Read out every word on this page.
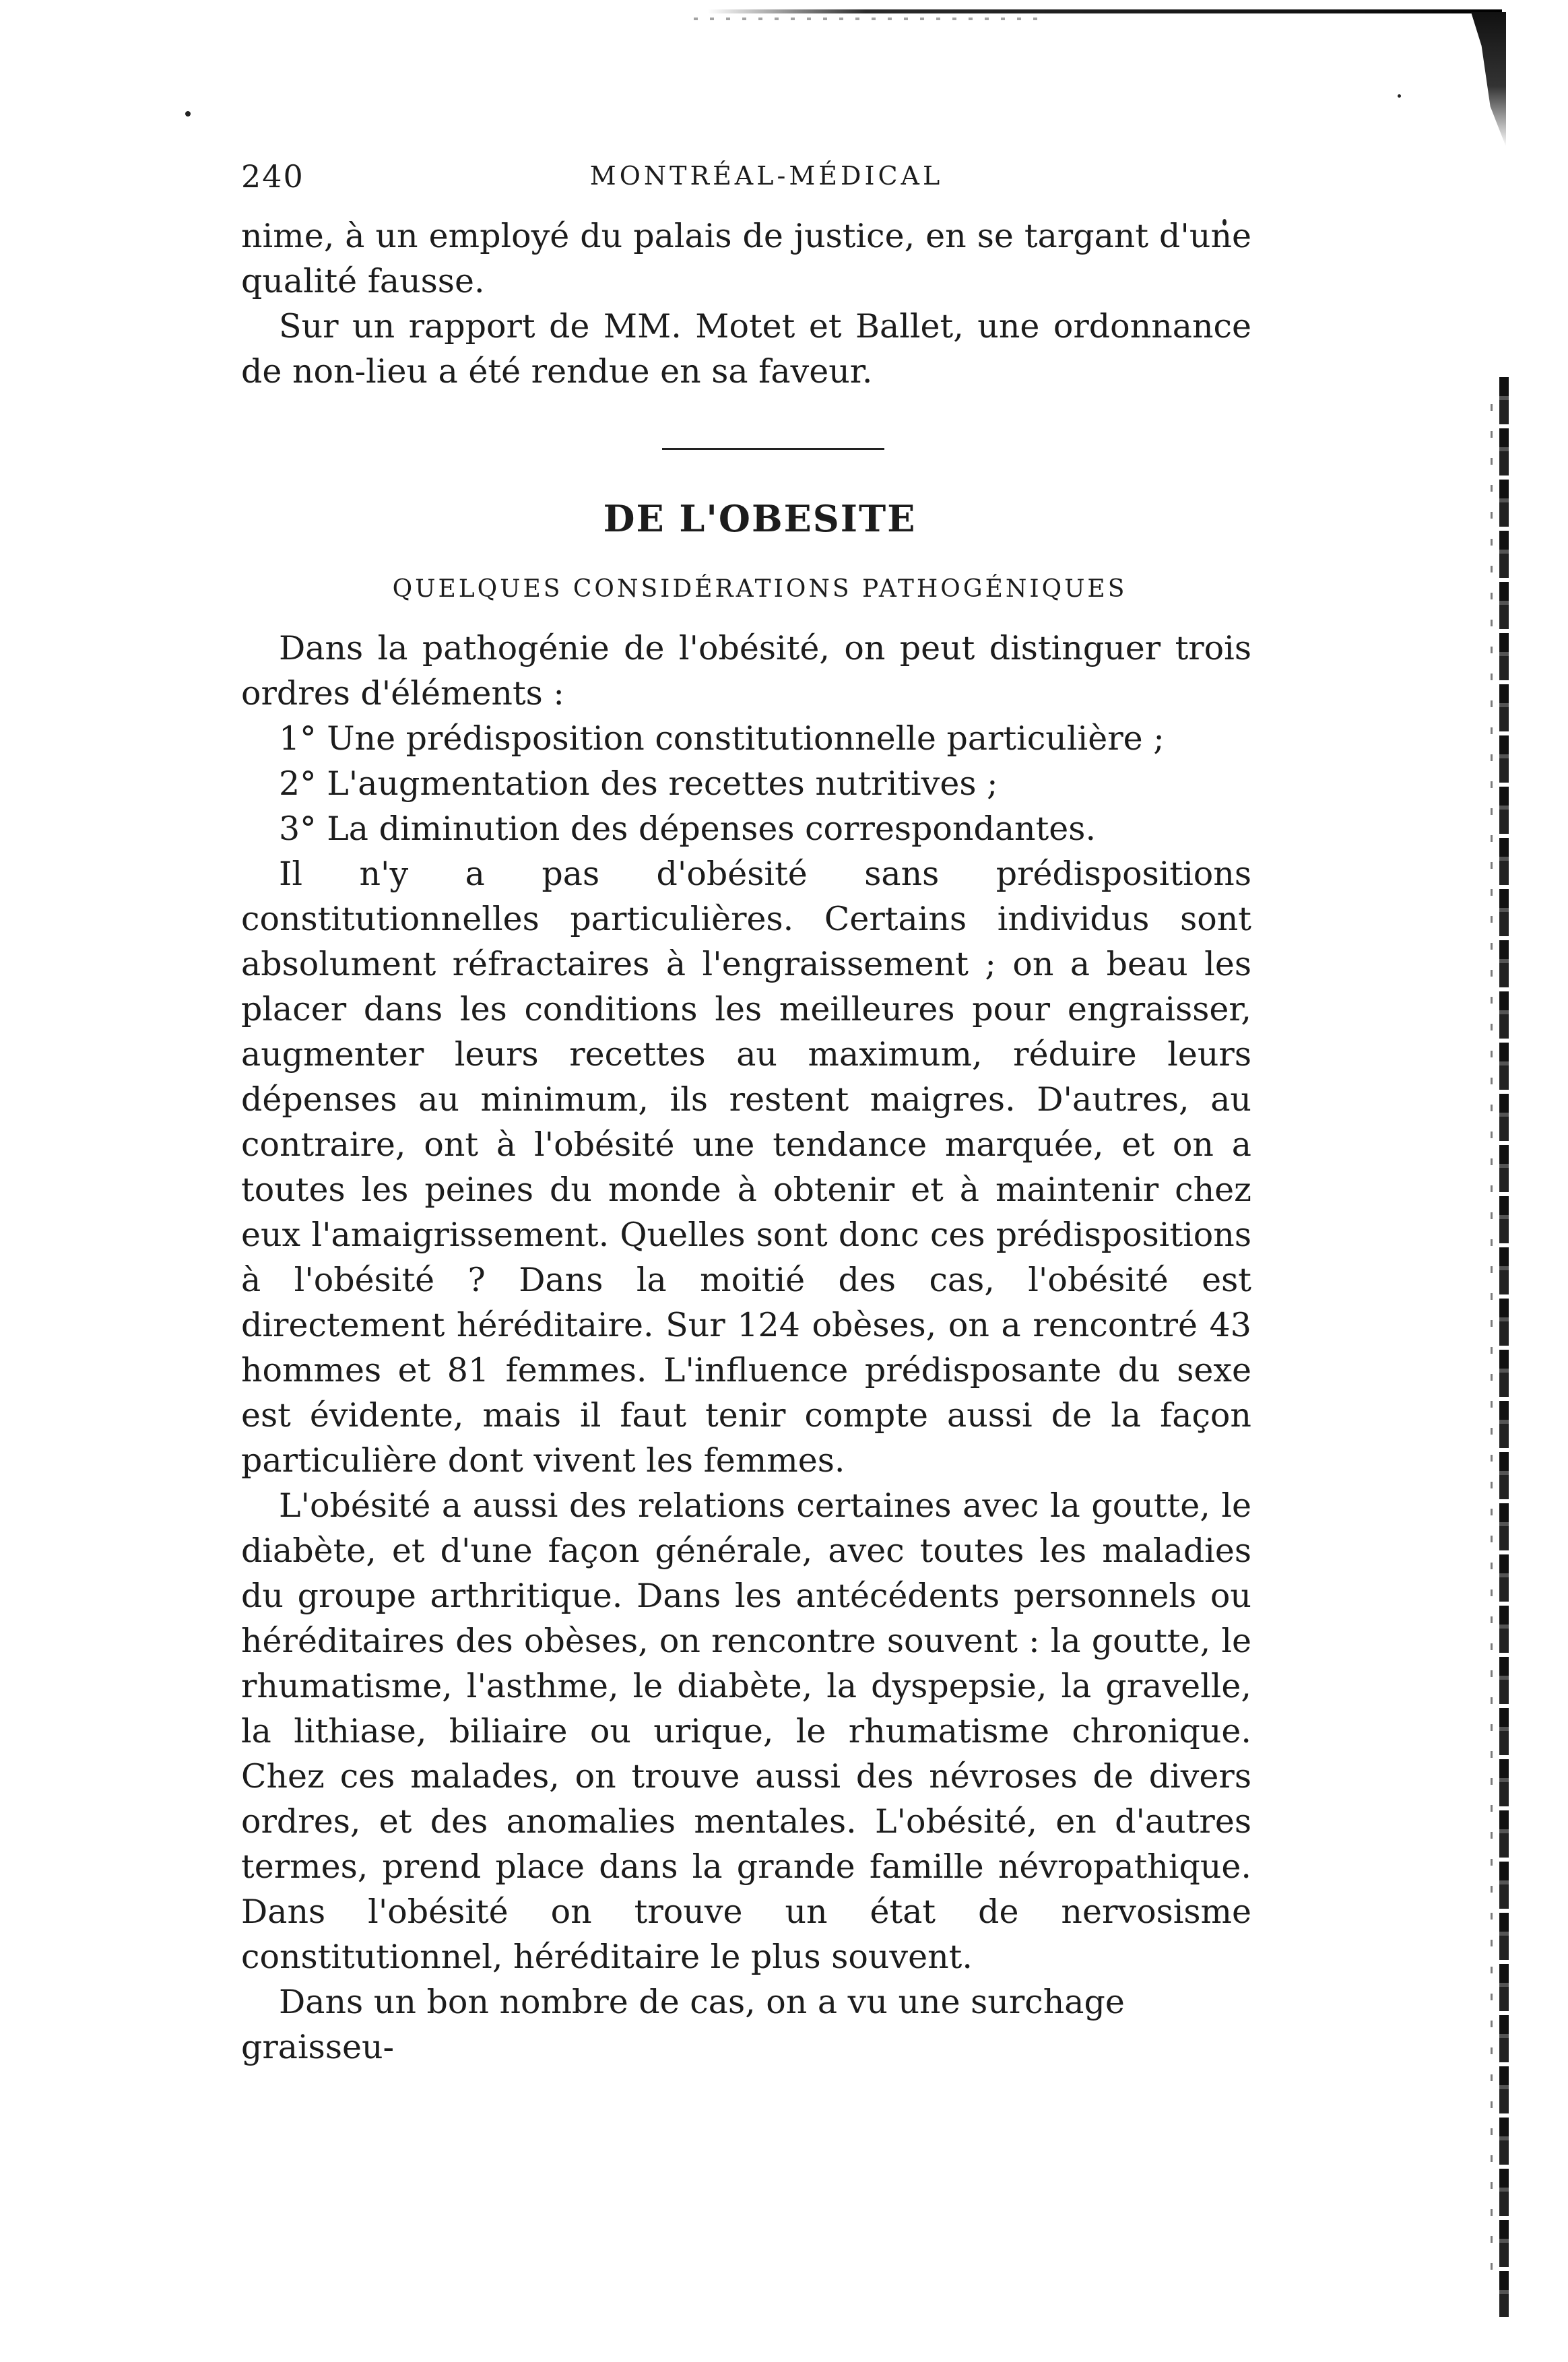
240	MONTRÉAL-MÉDICAL

nime, à un employé du palais de justice, en se targant d'une qualité fausse.

Sur un rapport de MM. Motet et Ballet, une ordonnance de non-lieu a été rendue en sa faveur.

DE L'OBESITE
QUELQUES CONSIDÉRATIONS PATHOGÉNIQUES

Dans la pathogénie de l'obésité, on peut distinguer trois ordres d'éléments :

1° Une prédisposition constitutionnelle particulière ;

2° L'augmentation des recettes nutritives ;

3° La diminution des dépenses correspondantes.

Il n'y a pas d'obésité sans prédispositions constitutionnelles particulières. Certains individus sont absolument réfractaires à l'engraissement ; on a beau les placer dans les conditions les meilleures pour engraisser, augmenter leurs recettes au maximum, réduire leurs dépenses au minimum, ils restent maigres. D'autres, au contraire, ont à l'obésité une tendance marquée, et on a toutes les peines du monde à obtenir et à maintenir chez eux l'amaigrissement. Quelles sont donc ces prédispositions à l'obésité ? Dans la moitié des cas, l'obésité est directement héréditaire. Sur 124 obèses, on a rencontré 43 hommes et 81 femmes. L'influence prédisposante du sexe est évidente, mais il faut tenir compte aussi de la façon particulière dont vivent les femmes.

L'obésité a aussi des relations certaines avec la goutte, le diabète, et d'une façon générale, avec toutes les maladies du groupe arthritique. Dans les antécédents personnels ou héréditaires des obèses, on rencontre souvent : la goutte, le rhumatisme, l'asthme, le diabète, la dyspepsie, la gravelle, la lithiase, biliaire ou urique, le rhumatisme chronique. Chez ces malades, on trouve aussi des névroses de divers ordres, et des anomalies mentales. L'obésité, en d'autres termes, prend place dans la grande famille névropathique. Dans l'obésité on trouve un état de nervosisme constitutionnel, héréditaire le plus souvent.

Dans un bon nombre de cas, on a vu une surchage graisseu-
